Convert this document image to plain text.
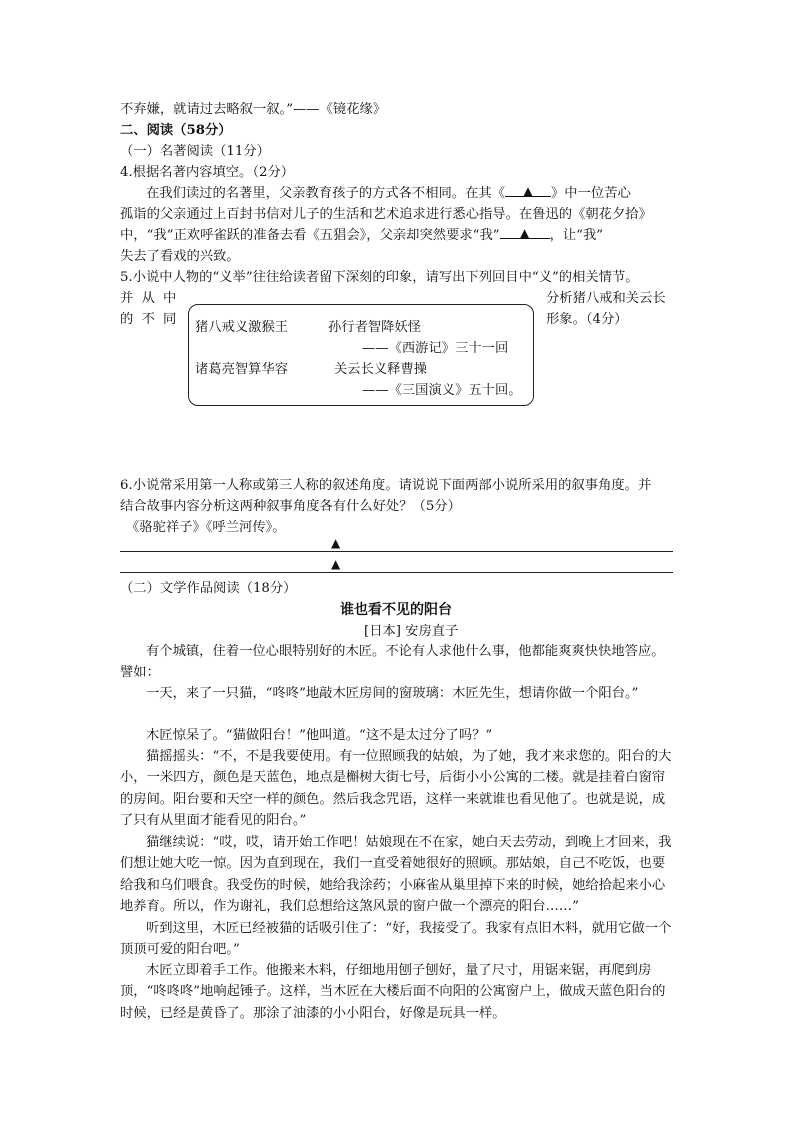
不弃嫌，就请过去略叙一叙。”——《镜花缘》
二、阅读（58分）
（一）名著阅读（11分）
4.根据名著内容填空。（2分）
在我们读过的名著里，父亲教育孩子的方式各不相同。在其《 ▲ 》中一位苦心
孤诣的父亲通过上百封书信对儿子的生活和艺术追求进行悉心指导。在鲁迅的《朝花夕拾》
中，“我”正欢呼雀跃的准备去看《五猖会》，父亲却突然要求“我” ▲ ，让“我”
失去了看戏的兴致。
5.小说中人物的“义举”往往给读者留下深刻的印象，请写出下列回目中“义”的相关情节。
并 从 中
的 不 同
分析猪八戒和关云长
形象。（4分）
猪八戒义激猴王	孙行者智降妖怪
——《西游记》三十一回
诸葛亮智算华容	关云长义释曹操
——《三国演义》五十回。
6.小说常采用第一人称或第三人称的叙述角度。请说说下面两部小说所采用的叙事角度。并
结合故事内容分析这两种叙事角度各有什么好处？（5分）
《骆驼祥子》《呼兰河传》。
▲
▲
（二）文学作品阅读（18分）
谁也看不见的阳台
[日本] 安房直子
有个城镇，住着一位心眼特别好的木匠。不论有人求他什么事，他都能爽爽快快地答应。譬如：
一天，来了一只猫，“咚咚”地敲木匠房间的窗玻璃：木匠先生，想请你做一个阳台。”
木匠惊呆了。“猫做阳台！”他叫道。“这不是太过分了吗？”
猫摇摇头：“不，不是我要使用。有一位照顾我的姑娘，为了她，我才来求您的。阳台的大小，一米四方，颜色是天蓝色，地点是槲树大街七号，后街小小公寓的二楼。就是挂着白窗帘的房间。阳台要和天空一样的颜色。然后我念咒语，这样一来就谁也看见他了。也就是说，成了只有从里面才能看见的阳台。”
猫继续说：“哎，哎，请开始工作吧！姑娘现在不在家，她白天去劳动，到晚上才回来，我们想让她大吃一惊。因为直到现在，我们一直受着她很好的照顾。那姑娘，自己不吃饭，也要给我和乌们喂食。我受伤的时候，她给我涂药；小麻雀从巢里掉下来的时候，她给拾起来小心地养育。所以，作为谢礼，我们总想给这煞风景的窗户做一个漂亮的阳台……”
听到这里，木匠已经被猫的话吸引住了：“好，我接受了。我家有点旧木料，就用它做一个顶顶可爱的阳台吧。”
木匠立即着手工作。他搬来木料，仔细地用刨子刨好，量了尺寸，用锯来锯，再爬到房顶，“咚咚咚”地响起锤子。这样，当木匠在大楼后面不向阳的公寓窗户上，做成天蓝色阳台的时候，已经是黄昏了。那涂了油漆的小小阳台，好像是玩具一样。
